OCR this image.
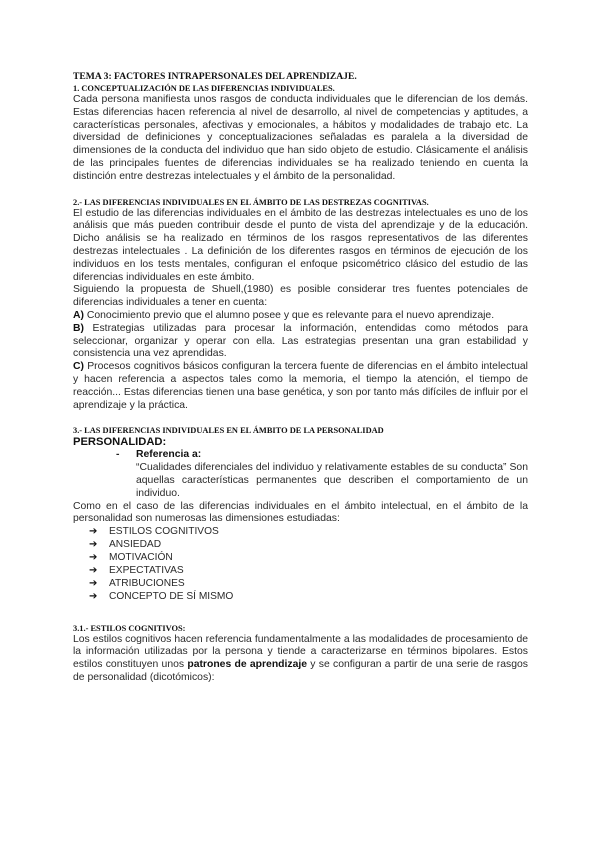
TEMA 3: FACTORES INTRAPERSONALES DEL APRENDIZAJE.

1. CONCEPTUALIZACIÓN DE LAS DIFERENCIAS INDIVIDUALES.

Cada persona manifiesta unos rasgos de conducta individuales que le diferencian de los demás. Estas diferencias hacen referencia al nivel de desarrollo, al nivel de competencias y aptitudes, a características personales, afectivas y emocionales, a hábitos y modalidades de trabajo etc. La diversidad de definiciones y conceptualizaciones señaladas es paralela a la diversidad de dimensiones de la conducta del individuo que han sido objeto de estudio. Clásicamente el análisis de las principales fuentes de diferencias individuales se ha realizado teniendo en cuenta la distinción entre destrezas intelectuales y el ámbito de la personalidad.

2.- LAS DIFERENCIAS INDIVIDUALES EN EL ÁMBITO DE LAS DESTREZAS COGNITIVAS.

El estudio de las diferencias individuales en el ámbito de las destrezas intelectuales es uno de los análisis que más pueden contribuir desde el punto de vista del aprendizaje y de la educación. Dicho análisis se ha realizado en términos de los rasgos representativos de las diferentes destrezas intelectuales . La definición de los diferentes rasgos en términos de ejecución de los individuos en los tests mentales, configuran el enfoque psicométrico clásico del estudio de las diferencias individuales en este ámbito.

Siguiendo la propuesta de Shuell,(1980) es posible considerar tres fuentes potenciales de diferencias individuales a tener en cuenta:

A) Conocimiento previo que el alumno posee y que es relevante para el nuevo aprendizaje.

B) Estrategias utilizadas para procesar la información, entendidas como métodos para seleccionar, organizar y operar con ella. Las estrategias presentan una gran estabilidad y consistencia una vez aprendidas.

C) Procesos cognitivos básicos configuran la tercera fuente de diferencias en el ámbito intelectual y hacen referencia a aspectos tales como la memoria, el tiempo la atención, el tiempo de reacción... Estas diferencias tienen una base genética, y son por tanto más difíciles de influir por el aprendizaje y la práctica.

3.- LAS DIFERENCIAS INDIVIDUALES EN EL ÁMBITO DE LA PERSONALIDAD

PERSONALIDAD:

- Referencia a:

“Cualidades diferenciales del individuo y relativamente estables de su conducta” Son aquellas características permanentes que describen el comportamiento de un individuo.

Como en el caso de las diferencias individuales en el ámbito intelectual, en el ámbito de la personalidad son numerosas las dimensiones estudiadas:

➔ ESTILOS COGNITIVOS
➔ ANSIEDAD
➔ MOTIVACIÓN
➔ EXPECTATIVAS
➔ ATRIBUCIONES
➔ CONCEPTO DE SÍ MISMO

3.1.- ESTILOS COGNITIVOS:

Los estilos cognitivos hacen referencia fundamentalmente a las modalidades de procesamiento de la información utilizadas por la persona y tiende a caracterizarse en términos bipolares. Estos estilos constituyen unos patrones de aprendizaje y se configuran a partir de una serie de rasgos de personalidad (dicotómicos):
